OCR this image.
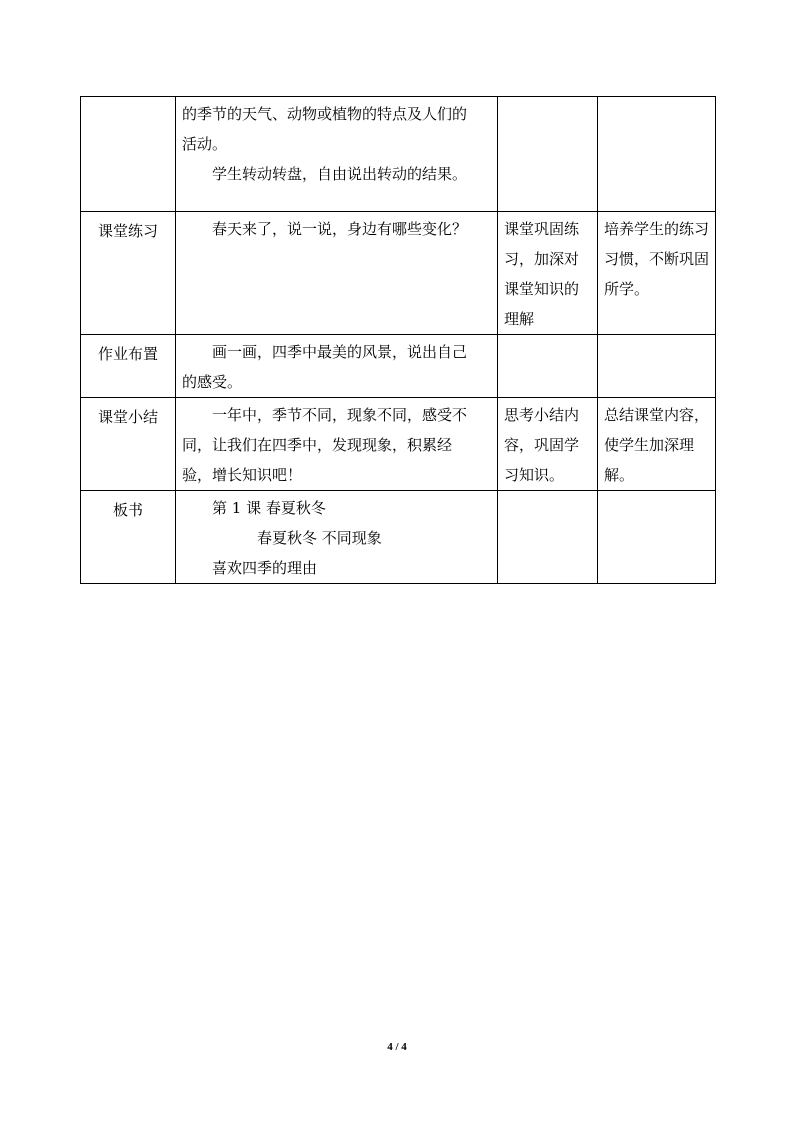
	的季节的天气、动物或植物的特点及人们的
活动。
学生转动转盘，自由说出转动的结果。		

课堂练习	春天来了，说一说，身边有哪些变化？	课堂巩固练习，加深对课堂知识的理解	培养学生的练习习惯，不断巩固所学。
作业布置	画一画，四季中最美的风景，说出自己
的感受。		

课堂小结	一年中，季节不同，现象不同，感受不
同，让我们在四季中，发现现象，积累经
验，增长知识吧！	思考小结内容，巩固学习知识。	总结课堂内容，使学生加深理解。
板书	第 1 课 春夏秋冬
春夏秋冬 不同现象
喜欢四季的理由		

4 / 4
